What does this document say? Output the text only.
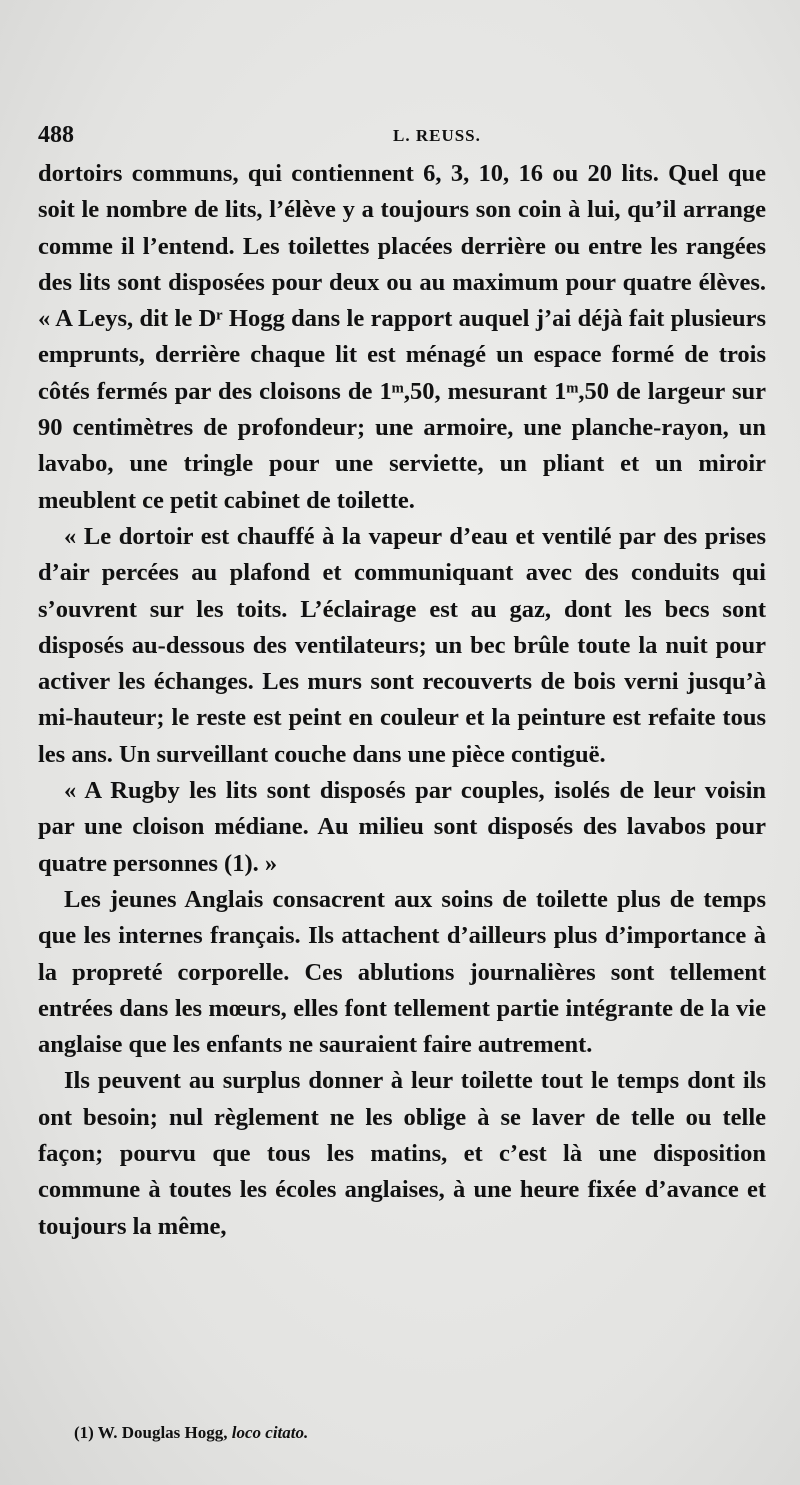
488	L. REUSS.

dortoirs communs, qui contiennent 6, 3, 10, 16 ou 20 lits. Quel que soit le nombre de lits, l’élève y a toujours son coin à lui, qu’il arrange comme il l’entend. Les toilettes placées derrière ou entre les rangées des lits sont disposées pour deux ou au maximum pour quatre élèves. « A Leys, dit le Dʳ Hogg dans le rapport auquel j’ai déjà fait plusieurs emprunts, derrière chaque lit est ménagé un espace formé de trois côtés fermés par des cloisons de 1ᵐ,50, mesurant 1ᵐ,50 de largeur sur 90 centimètres de profondeur; une armoire, une planche-rayon, un lavabo, une tringle pour une serviette, un pliant et un miroir meublent ce petit cabinet de toilette.

« Le dortoir est chauffé à la vapeur d’eau et ventilé par des prises d’air percées au plafond et communiquant avec des conduits qui s’ouvrent sur les toits. L’éclairage est au gaz, dont les becs sont disposés au-dessous des ventilateurs; un bec brûle toute la nuit pour activer les échanges. Les murs sont recouverts de bois verni jusqu’à mi-hauteur; le reste est peint en couleur et la peinture est refaite tous les ans. Un surveillant couche dans une pièce contiguë.

« A Rugby les lits sont disposés par couples, isolés de leur voisin par une cloison médiane. Au milieu sont disposés des lavabos pour quatre personnes (1). »

Les jeunes Anglais consacrent aux soins de toilette plus de temps que les internes français. Ils attachent d’ailleurs plus d’importance à la propreté corporelle. Ces ablutions journalières sont tellement entrées dans les mœurs, elles font tellement partie intégrante de la vie anglaise que les enfants ne sauraient faire autrement.

Ils peuvent au surplus donner à leur toilette tout le temps dont ils ont besoin; nul règlement ne les oblige à se laver de telle ou telle façon; pourvu que tous les matins, et c’est là une disposition commune à toutes les écoles anglaises, à une heure fixée d’avance et toujours la même,

(1) W. Douglas Hogg, loco citato.
